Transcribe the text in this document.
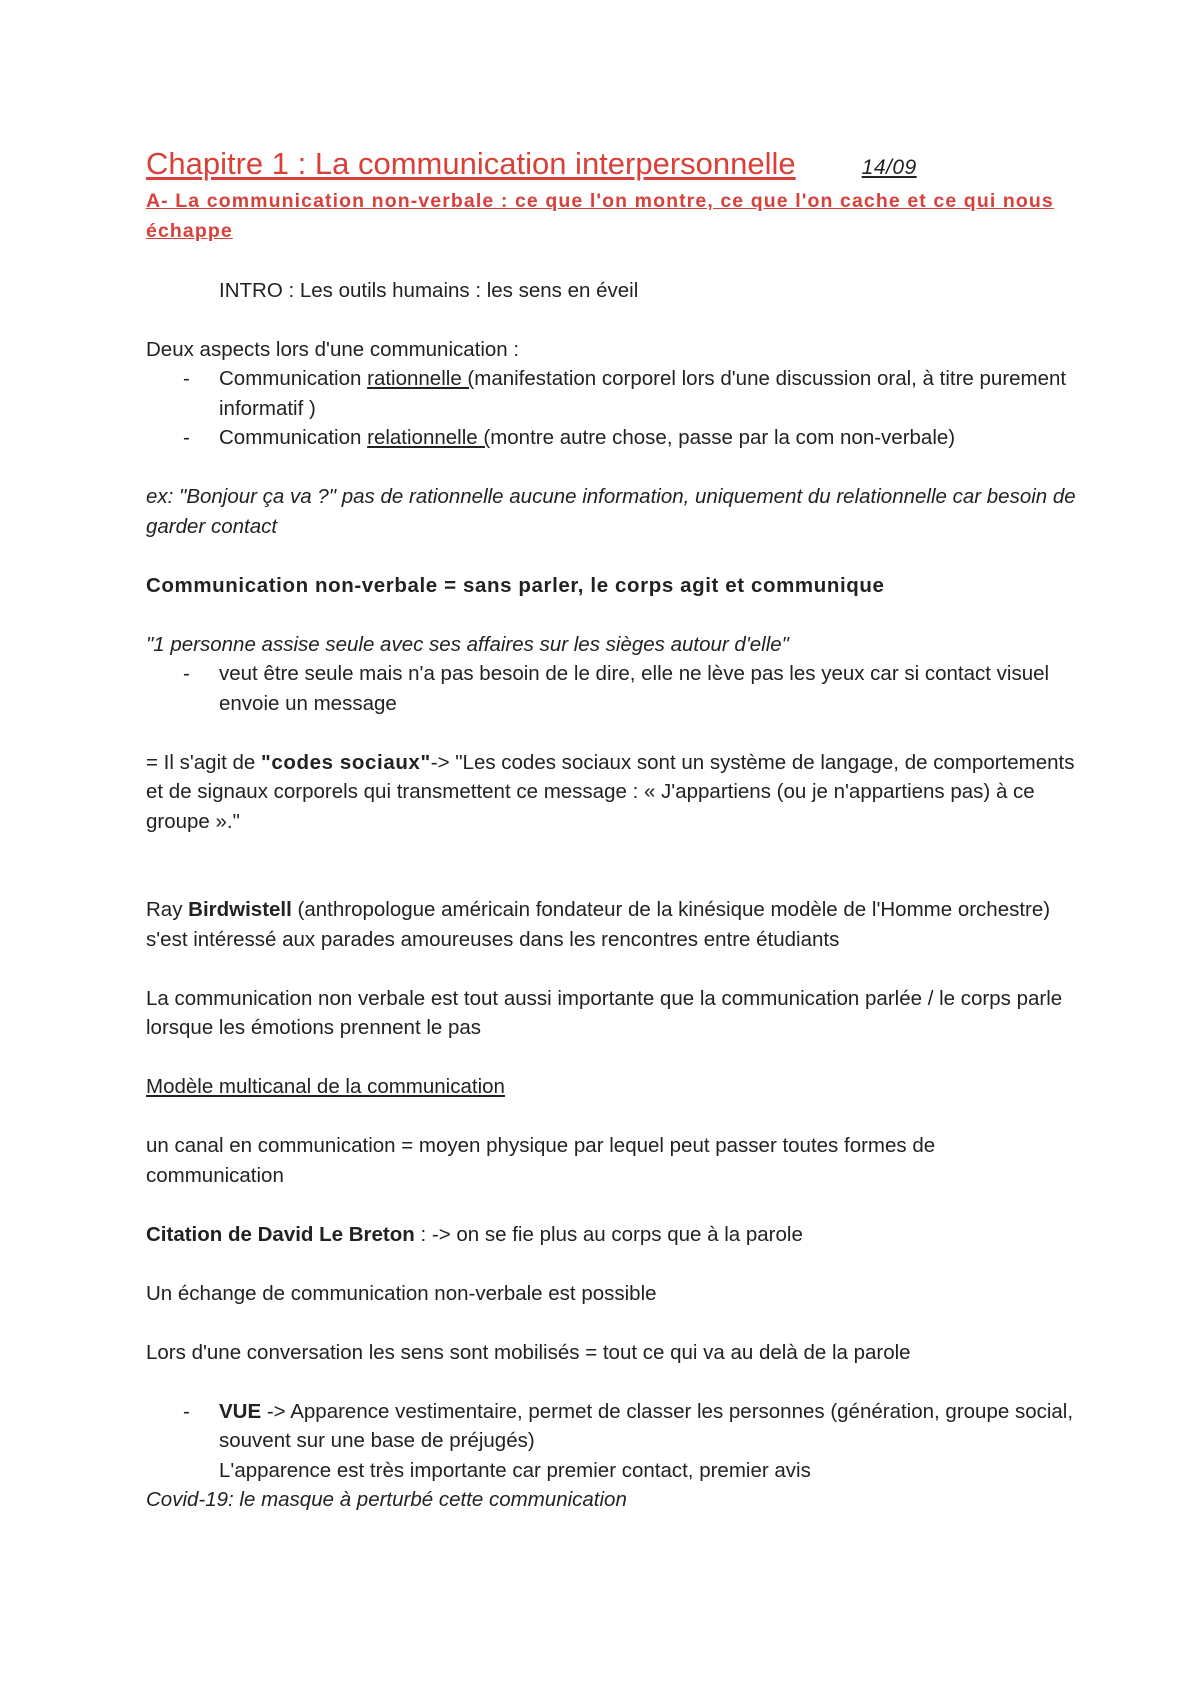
Chapitre 1 : La communication interpersonnelle	14/09

A- La communication non-verbale : ce que l'on montre, ce que l'on cache et ce qui nous échappe

INTRO : Les outils humains : les sens en éveil

Deux aspects lors d'une communication :

- Communication rationnelle (manifestation corporel lors d'une discussion oral, à titre purement informatif )
- Communication relationnelle (montre autre chose, passe par la com non-verbale)

ex: "Bonjour ça va ?" pas de rationnelle aucune information, uniquement du relationnelle car besoin de garder contact

Communication non-verbale = sans parler, le corps agit et communique

"1 personne assise seule avec ses affaires sur les sièges autour d'elle"

- veut être seule mais n'a pas besoin de le dire, elle ne lève pas les yeux car si contact visuel envoie un message

= Il s'agit de "codes sociaux"-> "Les codes sociaux sont un système de langage, de comportements et de signaux corporels qui transmettent ce message : « J'appartiens (ou je n'appartiens pas) à ce groupe »."

Ray Birdwistell (anthropologue américain fondateur de la kinésique modèle de l'Homme orchestre) s'est intéressé aux parades amoureuses dans les rencontres entre étudiants

La communication non verbale est tout aussi importante que la communication parlée / le corps parle lorsque les émotions prennent le pas

Modèle multicanal de la communication

un canal en communication = moyen physique par lequel peut passer toutes formes de communication

Citation de David Le Breton : -> on se fie plus au corps que à la parole

Un échange de communication non-verbale est possible

Lors d'une conversation les sens sont mobilisés = tout ce qui va au delà de la parole

- VUE -> Apparence vestimentaire, permet de classer les personnes (génération, groupe social, souvent sur une base de préjugés)
L'apparence est très importante car premier contact, premier avis

Covid-19: le masque à perturbé cette communication
